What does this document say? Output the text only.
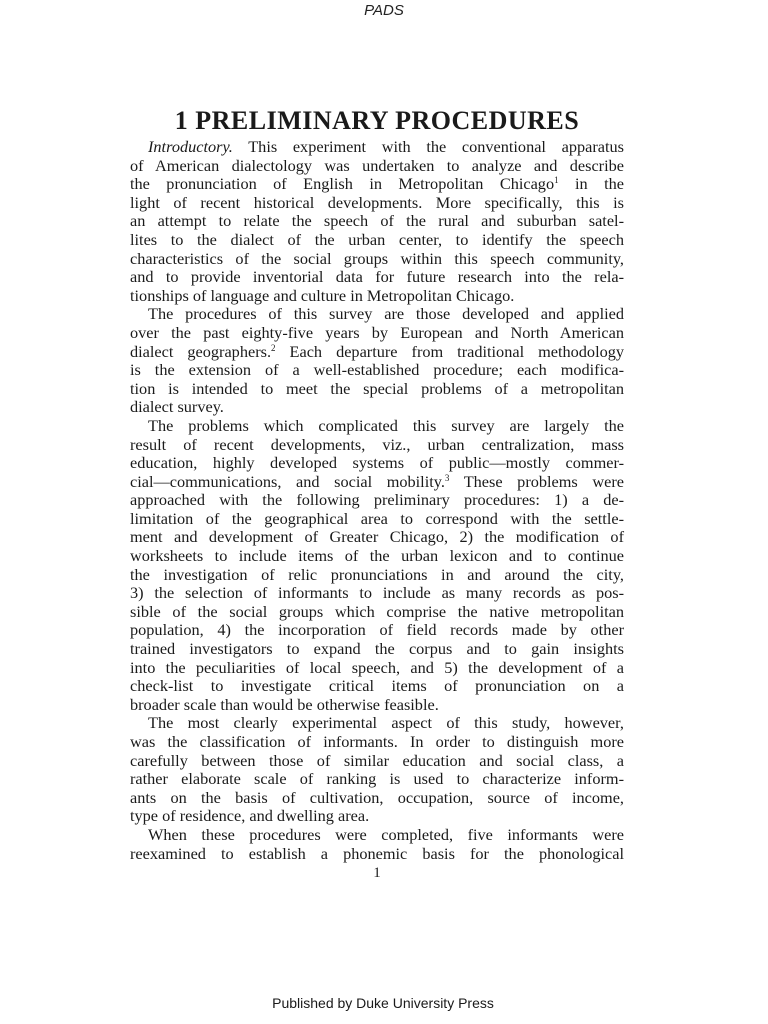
PADS
1 PRELIMINARY PROCEDURES
Introductory. This experiment with the conventional apparatus
of American dialectology was undertaken to analyze and describe
the pronunciation of English in Metropolitan Chicago$^1$ in the
light of recent historical developments. More specifically, this is
an attempt to relate the speech of the rural and suburban satel-
lites to the dialect of the urban center, to identify the speech
characteristics of the social groups within this speech community,
and to provide inventorial data for future research into the rela-
tionships of language and culture in Metropolitan Chicago.
The procedures of this survey are those developed and applied
over the past eighty-five years by European and North American
dialect geographers.$^2$ Each departure from traditional methodology
is the extension of a well-established procedure; each modifica-
tion is intended to meet the special problems of a metropolitan
dialect survey.
The problems which complicated this survey are largely the
result of recent developments, viz., urban centralization, mass
education, highly developed systems of public—mostly commer-
cial—communications, and social mobility.$^3$ These problems were
approached with the following preliminary procedures: 1) a de-
limitation of the geographical area to correspond with the settle-
ment and development of Greater Chicago, 2) the modification of
worksheets to include items of the urban lexicon and to continue
the investigation of relic pronunciations in and around the city,
3) the selection of informants to include as many records as pos-
sible of the social groups which comprise the native metropolitan
population, 4) the incorporation of field records made by other
trained investigators to expand the corpus and to gain insights
into the peculiarities of local speech, and 5) the development of a
check-list to investigate critical items of pronunciation on a
broader scale than would be otherwise feasible.
The most clearly experimental aspect of this study, however,
was the classification of informants. In order to distinguish more
carefully between those of similar education and social class, a
rather elaborate scale of ranking is used to characterize inform-
ants on the basis of cultivation, occupation, source of income,
type of residence, and dwelling area.
When these procedures were completed, five informants were
reexamined to establish a phonemic basis for the phonological
1
Published by Duke University Press
